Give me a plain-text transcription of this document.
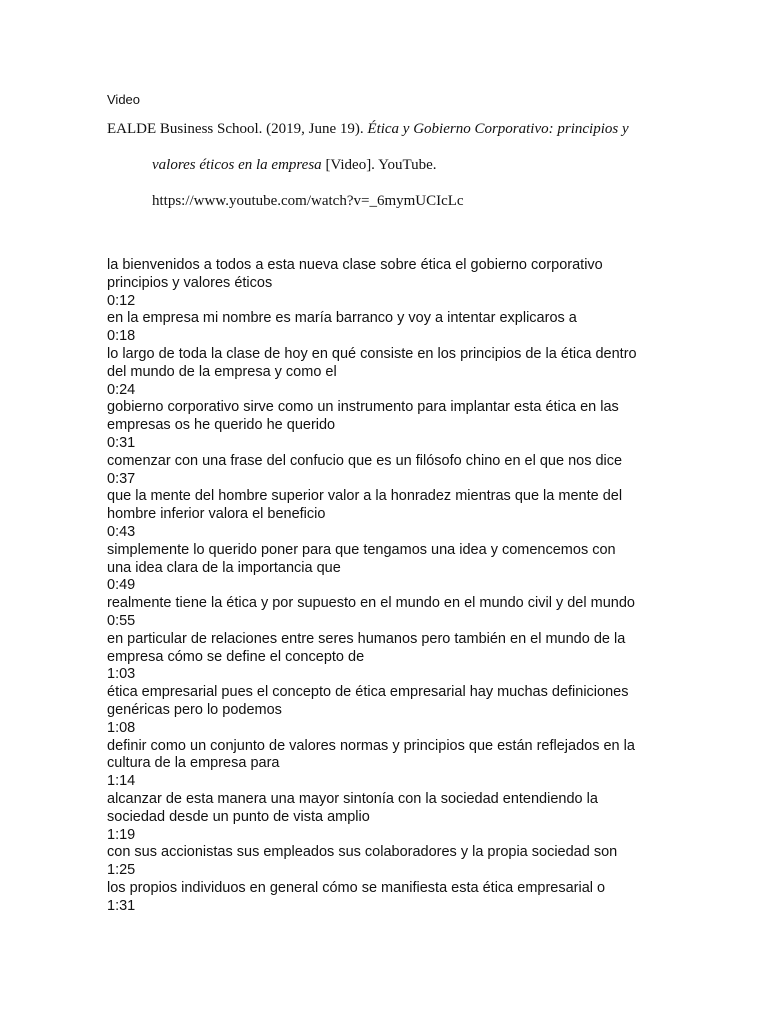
Video
EALDE Business School. (2019, June 19). Ética y Gobierno Corporativo: principios y
valores éticos en la empresa [Video]. YouTube.
https://www.youtube.com/watch?v=_6mymUCIcLc
la bienvenidos a todos a esta nueva clase sobre ética el gobierno corporativo
principios y valores éticos
0:12
en la empresa mi nombre es maría barranco y voy a intentar explicaros a
0:18
lo largo de toda la clase de hoy en qué consiste en los principios de la ética dentro
del mundo de la empresa y como el
0:24
gobierno corporativo sirve como un instrumento para implantar esta ética en las
empresas os he querido he querido
0:31
comenzar con una frase del confucio que es un filósofo chino en el que nos dice
0:37
que la mente del hombre superior valor a la honradez mientras que la mente del
hombre inferior valora el beneficio
0:43
simplemente lo querido poner para que tengamos una idea y comencemos con
una idea clara de la importancia que
0:49
realmente tiene la ética y por supuesto en el mundo en el mundo civil y del mundo
0:55
en particular de relaciones entre seres humanos pero también en el mundo de la
empresa cómo se define el concepto de
1:03
ética empresarial pues el concepto de ética empresarial hay muchas definiciones
genéricas pero lo podemos
1:08
definir como un conjunto de valores normas y principios que están reflejados en la
cultura de la empresa para
1:14
alcanzar de esta manera una mayor sintonía con la sociedad entendiendo la
sociedad desde un punto de vista amplio
1:19
con sus accionistas sus empleados sus colaboradores y la propia sociedad son
1:25
los propios individuos en general cómo se manifiesta esta ética empresarial o
1:31
